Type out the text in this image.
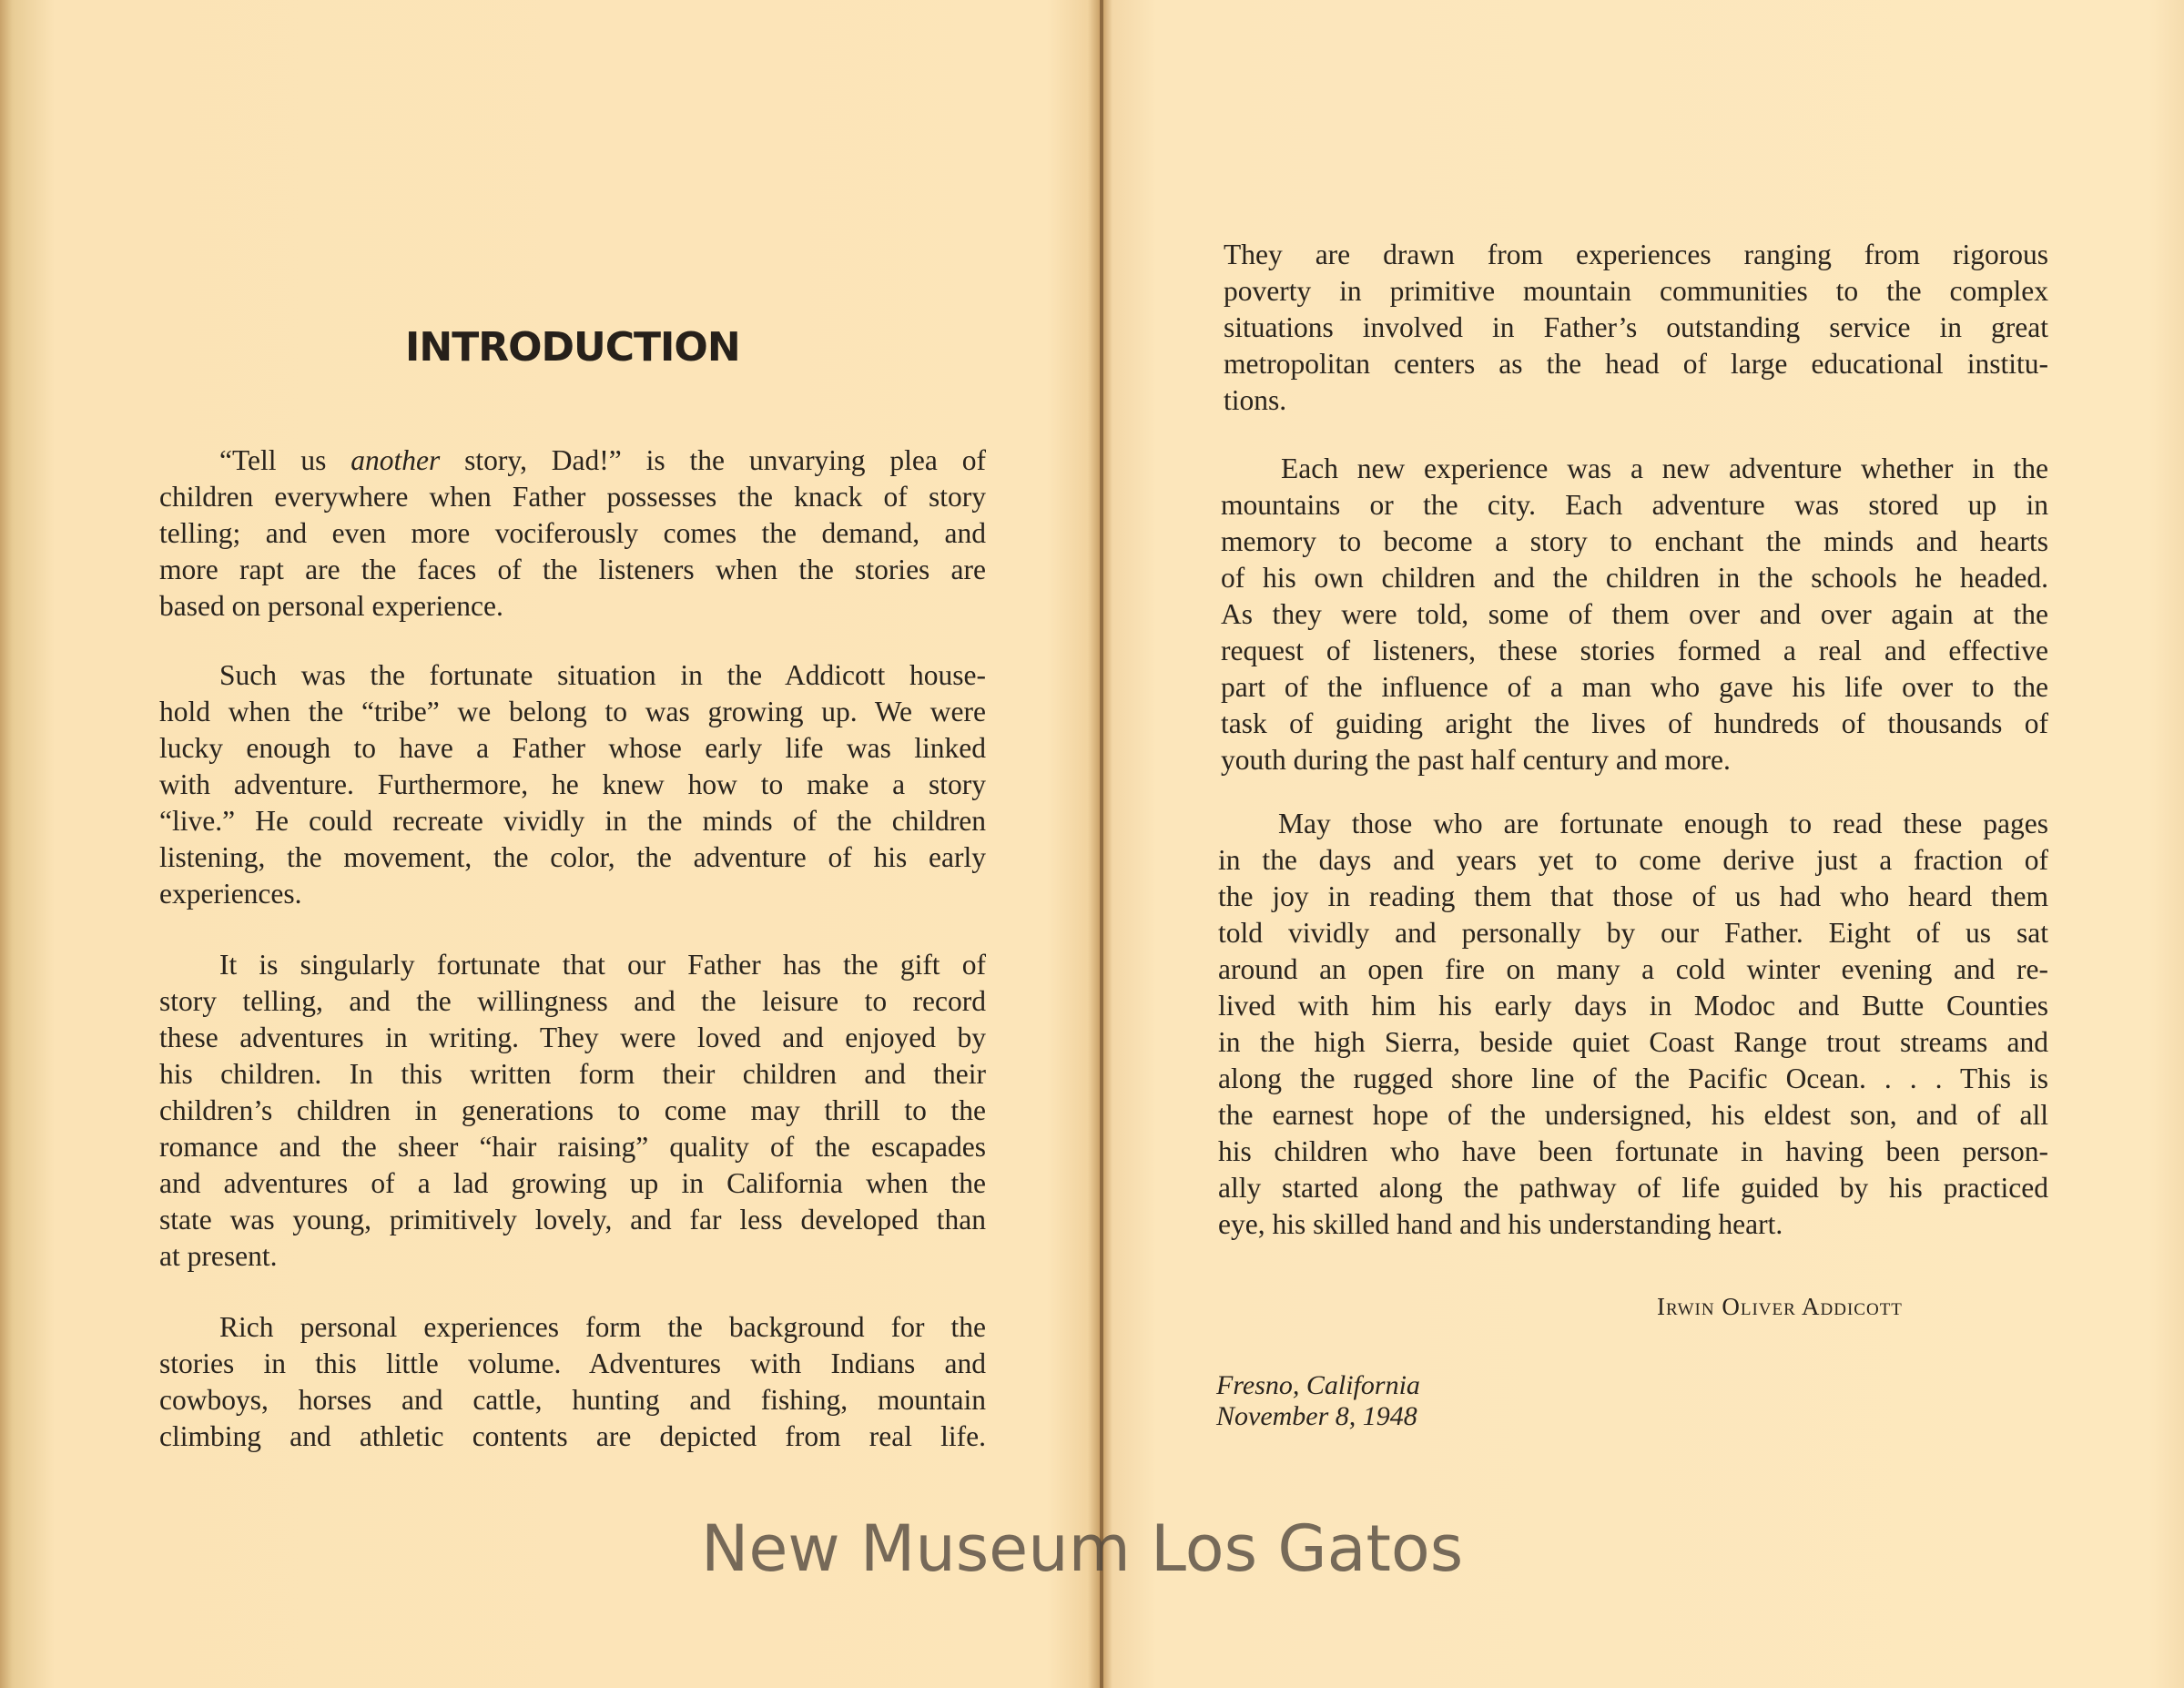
INTRODUCTION
“Tell us another story, Dad!” is the unvarying plea of
children everywhere when Father possesses the knack of story
telling; and even more vociferously comes the demand, and
more rapt are the faces of the listeners when the stories are
based on personal experience.
Such was the fortunate situation in the Addicott house-
hold when the “tribe” we belong to was growing up. We were
lucky enough to have a Father whose early life was linked
with adventure. Furthermore, he knew how to make a story
“live.” He could recreate vividly in the minds of the children
listening, the movement, the color, the adventure of his early
experiences.
It is singularly fortunate that our Father has the gift of
story telling, and the willingness and the leisure to record
these adventures in writing. They were loved and enjoyed by
his children. In this written form their children and their
children’s children in generations to come may thrill to the
romance and the sheer “hair raising” quality of the escapades
and adventures of a lad growing up in California when the
state was young, primitively lovely, and far less developed than
at present.
Rich personal experiences form the background for the
stories in this little volume. Adventures with Indians and
cowboys, horses and cattle, hunting and fishing, mountain
climbing and athletic contents are depicted from real life.
They are drawn from experiences ranging from rigorous
poverty in primitive mountain communities to the complex
situations involved in Father’s outstanding service in great
metropolitan centers as the head of large educational institu-
tions.
Each new experience was a new adventure whether in the
mountains or the city. Each adventure was stored up in
memory to become a story to enchant the minds and hearts
of his own children and the children in the schools he headed.
As they were told, some of them over and over again at the
request of listeners, these stories formed a real and effective
part of the influence of a man who gave his life over to the
task of guiding aright the lives of hundreds of thousands of
youth during the past half century and more.
May those who are fortunate enough to read these pages
in the days and years yet to come derive just a fraction of
the joy in reading them that those of us had who heard them
told vividly and personally by our Father. Eight of us sat
around an open fire on many a cold winter evening and re-
lived with him his early days in Modoc and Butte Counties
in the high Sierra, beside quiet Coast Range trout streams and
along the rugged shore line of the Pacific Ocean. . . . This is
the earnest hope of the undersigned, his eldest son, and of all
his children who have been fortunate in having been person-
ally started along the pathway of life guided by his practiced
eye, his skilled hand and his understanding heart.

Irwin Oliver Addicott

Fresno, California
November 8, 1948

New Museum Los Gatos
